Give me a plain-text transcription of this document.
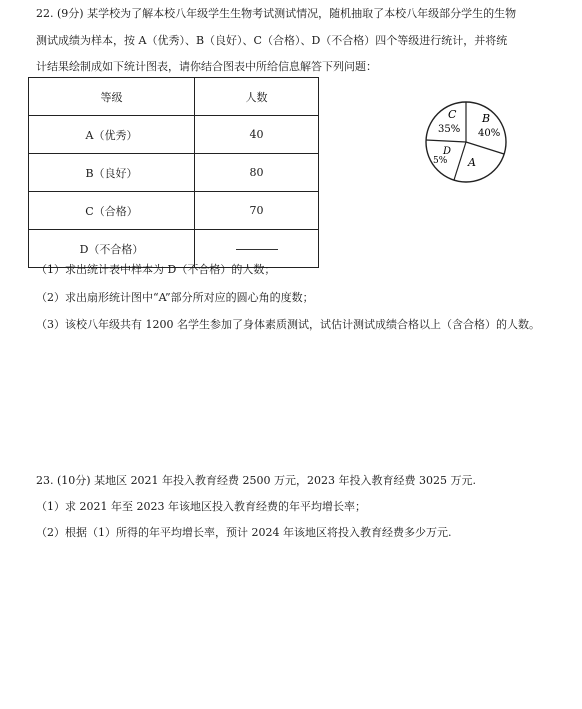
22. (9分) 某学校为了解本校八年级学生生物考试测试情况，随机抽取了本校八年级部分学生的生物
测试成绩为样本，按 A（优秀）、B（良好）、C（合格）、D（不合格）四个等级进行统计，并将统
计结果绘制成如下统计图表，请你结合图表中所给信息解答下列问题：
等级	人数
A（优秀）	40
B（良好）	80
C（合格）	70
D（不合格）	
C
35%
B
40%
D
5% A
（1）求出统计表中样本为 D（不合格）的人数；
（2）求出扇形统计图中“A”部分所对应的圆心角的度数；
（3）该校八年级共有 1200 名学生参加了身体素质测试，试估计测试成绩合格以上（含合格）的人数。
23. (10分) 某地区 2021 年投入教育经费 2500 万元，2023 年投入教育经费 3025 万元.
（1）求 2021 年至 2023 年该地区投入教育经费的年平均增长率；
（2）根据（1）所得的年平均增长率，预计 2024 年该地区将投入教育经费多少万元.
